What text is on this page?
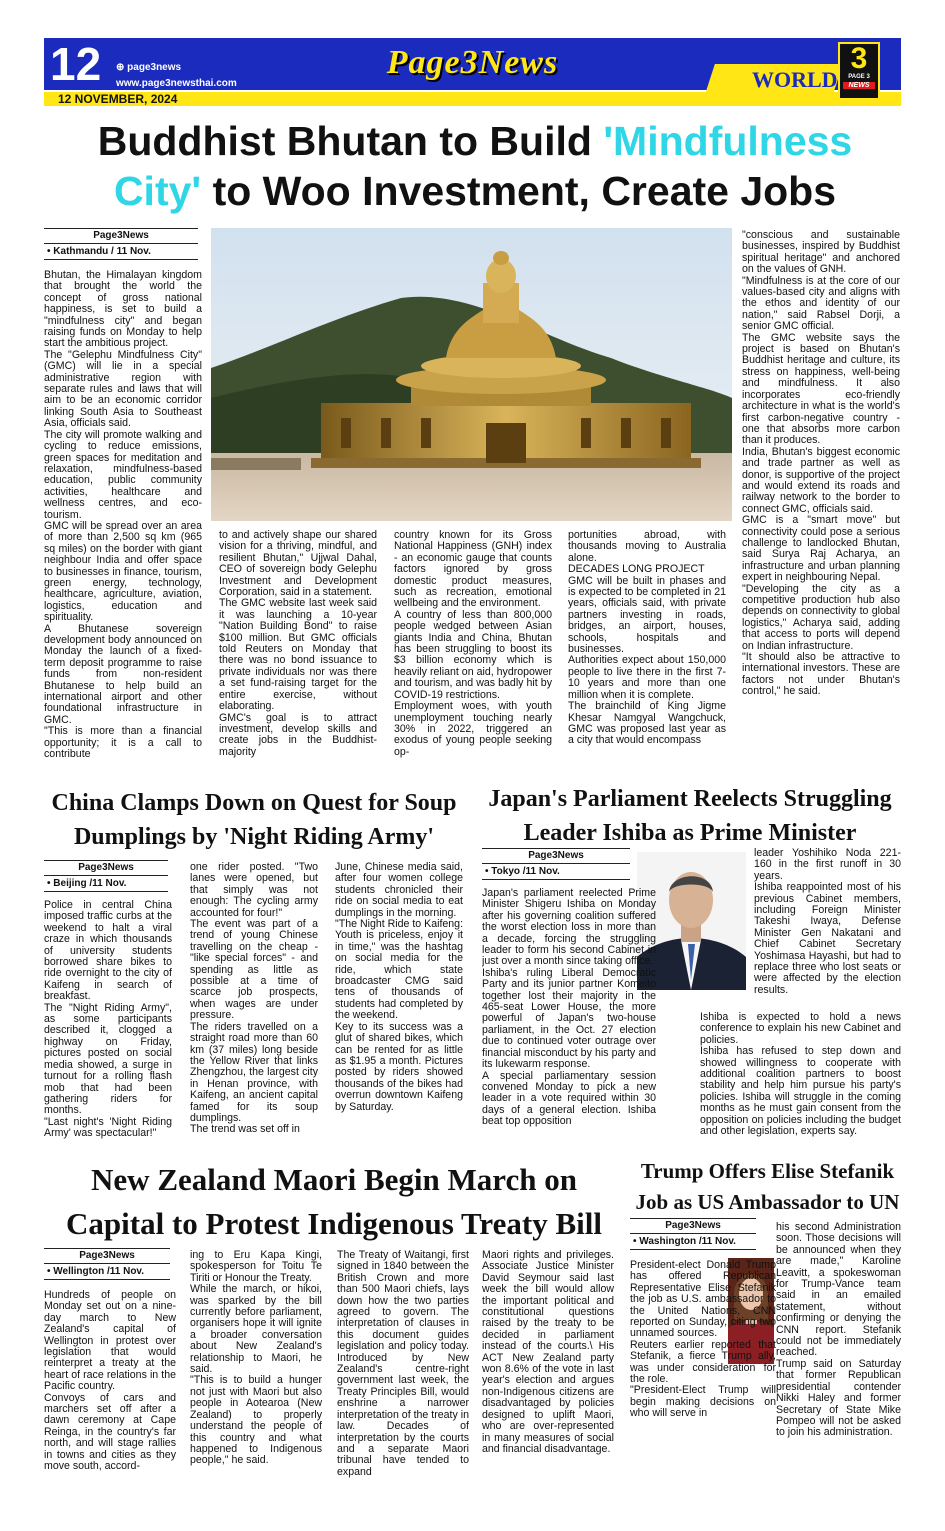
12 ⊕ page3news
www.page3newsthai.com
12 NOVEMBER, 2024
Page3News	WORLD
3
PAGE 3
NEWS
Buddhist Bhutan to Build 'Mindfulness City' to Woo Investment, Create Jobs
Page3News
• Kathmandu / 11 Nov.

Bhutan, the Himalayan kingdom that brought the world the concept of gross national happiness, is set to build a "mindfulness city" and began raising funds on Monday to help start the ambitious project.

The "Gelephu Mindfulness City" (GMC) will lie in a special administrative region with separate rules and laws that will aim to be an economic corridor linking South Asia to Southeast Asia, officials said.

The city will promote walking and cycling to reduce emissions, green spaces for meditation and relaxation, mindfulness-based education, public community activities, healthcare and wellness centres, and eco-tourism.

GMC will be spread over an area of more than 2,500 sq km (965 sq miles) on the border with giant neighbour India and offer space to businesses in finance, tourism, green energy, technology, healthcare, agriculture, aviation, logistics, education and spirituality.

A Bhutanese sovereign development body announced on Monday the launch of a fixed-term deposit programme to raise funds from non-resident Bhutanese to help build an international airport and other foundational infrastructure in GMC.

"This is more than a financial opportunity; it is a call to contribute

to and actively shape our shared vision for a thriving, mindful, and resilient Bhutan," Ujjwal Dahal, CEO of sovereign body Gelephu Investment and Development Corporation, said in a statement.

The GMC website last week said it was launching a 10-year "Nation Building Bond" to raise $100 million. But GMC officials told Reuters on Monday that there was no bond issuance to private individuals nor was there a set fund-raising target for the entire exercise, without elaborating.

GMC's goal is to attract investment, develop skills and create jobs in the Buddhist-majority

country known for its Gross National Happiness (GNH) index - an economic gauge that counts factors ignored by gross domestic product measures, such as recreation, emotional wellbeing and the environment.

A country of less than 800,000 people wedged between Asian giants India and China, Bhutan has been struggling to boost its $3 billion economy which is heavily reliant on aid, hydropower and tourism, and was badly hit by COVID-19 restrictions.

Employment woes, with youth unemployment touching nearly 30% in 2022, triggered an exodus of young people seeking op-

portunities abroad, with thousands moving to Australia alone.

DECADES LONG PROJECT

GMC will be built in phases and is expected to be completed in 21 years, officials said, with private partners investing in roads, bridges, an airport, houses, schools, hospitals and businesses.

Authorities expect about 150,000 people to live there in the first 7-10 years and more than one million when it is complete.

The brainchild of King Jigme Khesar Namgyal Wangchuck, GMC was proposed last year as a city that would encompass

"conscious and sustainable businesses, inspired by Buddhist spiritual heritage" and anchored on the values of GNH.

"Mindfulness is at the core of our values-based city and aligns with the ethos and identity of our nation," said Rabsel Dorji, a senior GMC official.

The GMC website says the project is based on Bhutan's Buddhist heritage and culture, its stress on happiness, well-being and mindfulness. It also incorporates eco-friendly architecture in what is the world's first carbon-negative country - one that absorbs more carbon than it produces.

India, Bhutan's biggest economic and trade partner as well as donor, is supportive of the project and would extend its roads and railway network to the border to connect GMC, officials said.

GMC is a "smart move" but connectivity could pose a serious challenge to landlocked Bhutan, said Surya Raj Acharya, an infrastructure and urban planning expert in neighbouring Nepal.

"Developing the city as a competitive production hub also depends on connectivity to global logistics," Acharya said, adding that access to ports will depend on Indian infrastructure.

"It should also be attractive to international investors. These are factors not under Bhutan's control," he said.

China Clamps Down on Quest for Soup Dumplings by 'Night Riding Army'
Page3News
• Beijing /11 Nov.

Police in central China imposed traffic curbs at the weekend to halt a viral craze in which thousands of university students borrowed share bikes to ride overnight to the city of Kaifeng in search of breakfast.

The "Night Riding Army", as some participants described it, clogged a highway on Friday, pictures posted on social media showed, a surge in turnout for a rolling flash mob that had been gathering riders for months.

"Last night's 'Night Riding Army' was spectacular!"

one rider posted. "Two lanes were opened, but that simply was not enough: The cycling army accounted for four!"

The event was part of a trend of young Chinese travelling on the cheap - "like special forces" - and spending as little as possible at a time of scarce job prospects, when wages are under pressure.

The riders travelled on a straight road more than 60 km (37 miles) long beside the Yellow River that links Zhengzhou, the largest city in Henan province, with Kaifeng, an ancient capital famed for its soup dumplings.

The trend was set off in

June, Chinese media said, after four women college students chronicled their ride on social media to eat dumplings in the morning.

"The Night Ride to Kaifeng: Youth is priceless, enjoy it in time," was the hashtag on social media for the ride, which state broadcaster CMG said tens of thousands of students had completed by the weekend.

Key to its success was a glut of shared bikes, which can be rented for as little as $1.95 a month. Pictures posted by riders showed thousands of the bikes had overrun downtown Kaifeng by Saturday.

Japan's Parliament Reelects Struggling Leader Ishiba as Prime Minister
Page3News
• Tokyo /11 Nov.

Japan's parliament reelected Prime Minister Shigeru Ishiba on Monday after his governing coalition suffered the worst election loss in more than a decade, forcing the struggling leader to form his second Cabinet in just over a month since taking office.

Ishiba's ruling Liberal Democratic Party and its junior partner Komeito together lost their majority in the 465-seat Lower House, the more powerful of Japan's two-house parliament, in the Oct. 27 election due to continued voter outrage over financial misconduct by his party and its lukewarm response.

A special parliamentary session convened Monday to pick a new leader in a vote required within 30 days of a general election. Ishiba beat top opposition

leader Yoshihiko Noda 221-160 in the first runoff in 30 years.

Ishiba reappointed most of his previous Cabinet members, including Foreign Minister Takeshi Iwaya, Defense Minister Gen Nakatani and Chief Cabinet Secretary Yoshimasa Hayashi, but had to replace three who lost seats or were affected by the election results.

Ishiba is expected to hold a news conference to explain his new Cabinet and policies.

Ishiba has refused to step down and showed willingness to cooperate with additional coalition partners to boost stability and help him pursue his party's policies. Ishiba will struggle in the coming months as he must gain consent from the opposition on policies including the budget and other legislation, experts say.

New Zealand Maori Begin March on Capital to Protest Indigenous Treaty Bill
Page3News
• Wellington /11 Nov.

Hundreds of people on Monday set out on a nine-day march to New Zealand's capital of Wellington in protest over legislation that would reinterpret a treaty at the heart of race relations in the Pacific country.

Convoys of cars and marchers set off after a dawn ceremony at Cape Reinga, in the country's far north, and will stage rallies in towns and cities as they move south, accord-

ing to Eru Kapa Kingi, spokesperson for Toitu Te Tiriti or Honour the Treaty.

While the march, or hikoi, was sparked by the bill currently before parliament, organisers hope it will ignite a broader conversation about New Zealand's relationship to Maori, he said.

"This is to build a hunger not just with Maori but also people in Aotearoa (New Zealand) to properly understand the people of this country and what happened to Indigenous people," he said.

The Treaty of Waitangi, first signed in 1840 between the British Crown and more than 500 Maori chiefs, lays down how the two parties agreed to govern. The interpretation of clauses in this document guides legislation and policy today. Introduced by New Zealand's centre-right government last week, the Treaty Principles Bill, would enshrine a narrower interpretation of the treaty in law. Decades of interpretation by the courts and a separate Maori tribunal have tended to expand

Maori rights and privileges. Associate Justice Minister David Seymour said last week the bill would allow the important political and constitutional questions raised by the treaty to be decided in parliament instead of the courts.\ His ACT New Zealand party won 8.6% of the vote in last year's election and argues non-Indigenous citizens are disadvantaged by policies designed to uplift Maori, who are over-represented in many measures of social and financial disadvantage.

Trump Offers Elise Stefanik Job as US Ambassador to UN
Page3News
• Washington /11 Nov.

President-elect Donald Trump has offered Republican Representative Elise Stefanik the job as U.S. ambassador to the United Nations, CNN reported on Sunday, citing two unnamed sources.

Reuters earlier reported that Stefanik, a fierce Trump ally, was under consideration for the role.

"President-Elect Trump will begin making decisions on who will serve in

his second Administration soon. Those decisions will be announced when they are made," Karoline Leavitt, a spokeswoman for Trump-Vance team said in an emailed statement, without confirming or denying the CNN report. Stefanik could not be immediately reached.

Trump said on Saturday that former Republican presidential contender Nikki Haley and former Secretary of State Mike Pompeo will not be asked to join his administration.
